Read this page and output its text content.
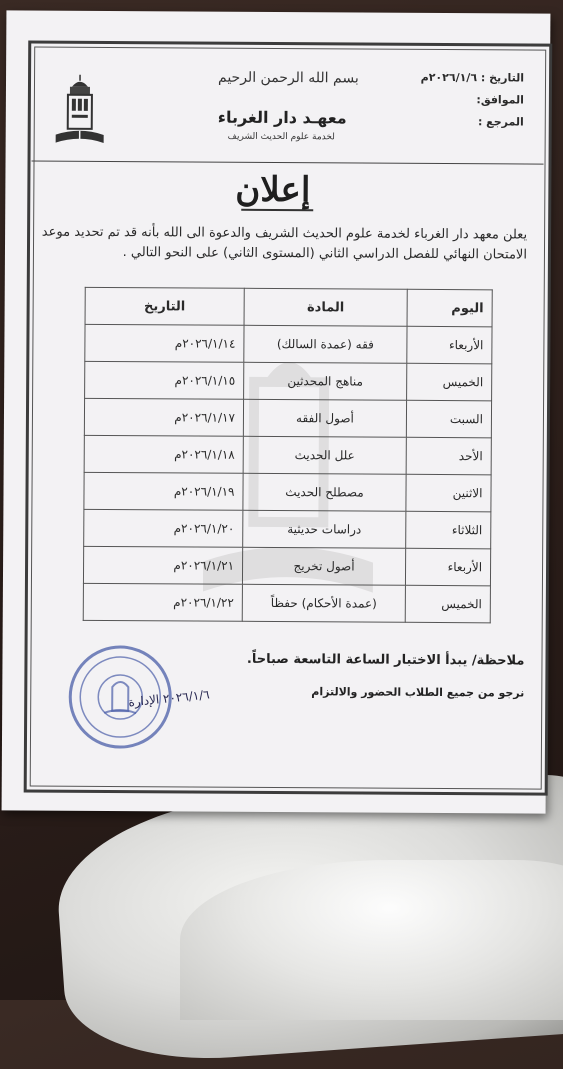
التاريخ : ٢٠٢٦/١/٦م
الموافق:
المرجع :
بسم الله الرحمن الرحيم
معهـد دار الغرباء
لخدمة علوم الحديث الشريف
إعلان
يعلن معهد دار الغرباء لخدمة علوم الحديث الشريف والدعوة الى الله بأنه قد تم تحديد موعد الامتحان النهائي للفصل الدراسي الثاني (المستوى الثاني) على النحو التالي .
اليوم	المادة	التاريخ
الأربعاء	فقه (عمدة السالك)	٢٠٢٦/١/١٤م
الخميس	مناهج المحدثين	٢٠٢٦/١/١٥م
السبت	أصول الفقه	٢٠٢٦/١/١٧م
الأحد	علل الحديث	٢٠٢٦/١/١٨م
الاثنين	مصطلح الحديث	٢٠٢٦/١/١٩م
الثلاثاء	دراسات حديثية	٢٠٢٦/١/٢٠م
الأربعاء	أصول تخريج	٢٠٢٦/١/٢١م
الخميس	(عمدة الأحكام) حفظاً	٢٠٢٦/١/٢٢م
ملاحظة/ يبدأ الاختبار الساعة التاسعة صباحاً.
نرجو من جميع الطلاب الحضور والالتزام
٢٠٢٦/١/٦ الإدارة
